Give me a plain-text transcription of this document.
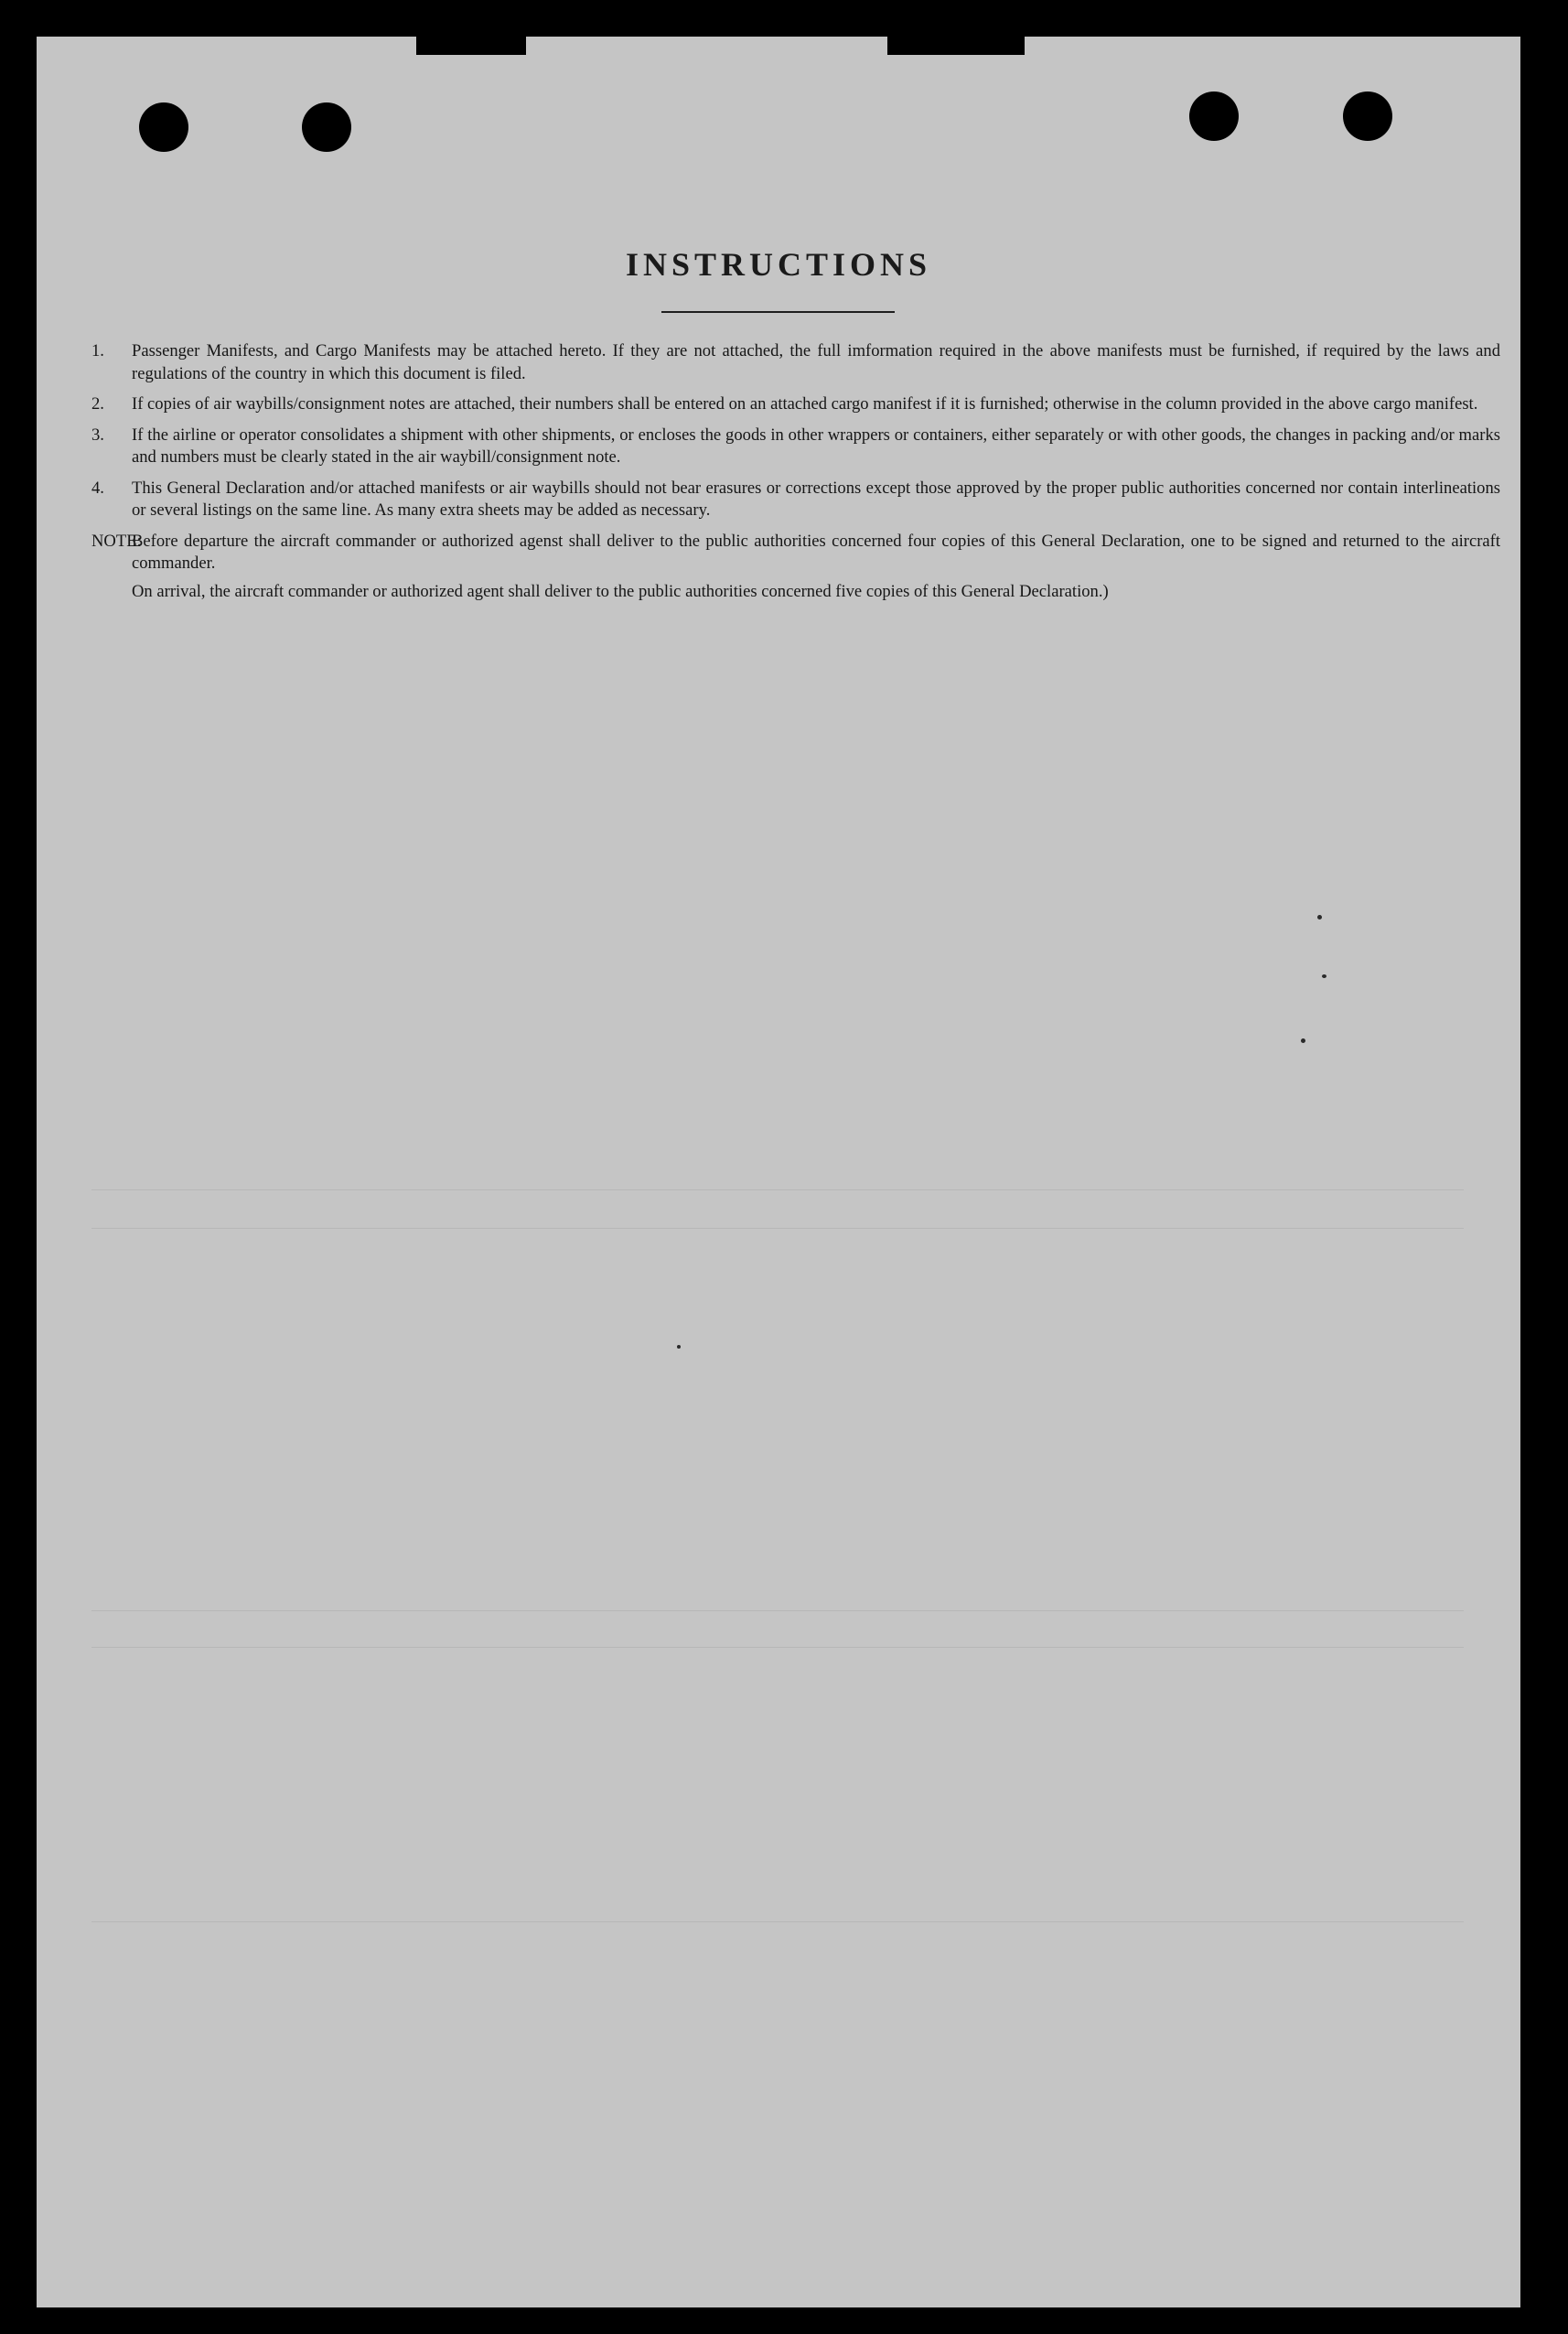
INSTRUCTIONS
1. Passenger Manifests, and Cargo Manifests may be attached hereto. If they are not attached, the full imformation required in the above manifests must be furnished, if required by the laws and regulations of the country in which this document is filed.
2. If copies of air waybills/consignment notes are attached, their numbers shall be entered on an attached cargo manifest if it is furnished; otherwise in the column provided in the above cargo manifest.
3. If the airline or operator consolidates a shipment with other shipments, or encloses the goods in other wrappers or containers, either separately or with other goods, the changes in packing and/or marks and numbers must be clearly stated in the air waybill/consignment note.
4. This General Declaration and/or attached manifests or air waybills should not bear erasures or corrections except those approved by the proper public authorities concerned nor contain interlineations or several listings on the same line. As many extra sheets may be added as necessary.
NOTE:

Before departure the aircraft commander or authorized agenst shall deliver to the public authorities concerned four copies of this General Declaration, one to be signed and returned to the aircraft commander.

On arrival, the aircraft commander or authorized agent shall deliver to the public authorities concerned five copies of this General Declaration.)
